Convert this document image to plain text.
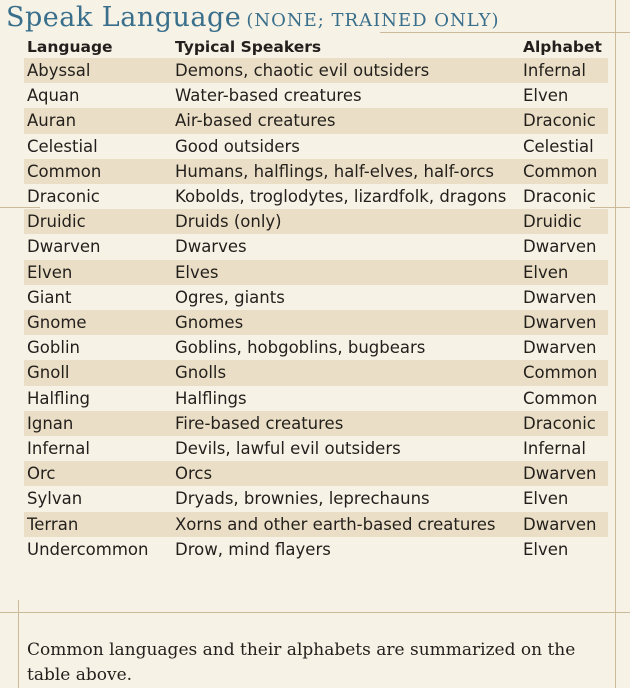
Speak Language (NONE; TRAINED ONLY)
Language	Typical Speakers	Alphabet
Abyssal	Demons, chaotic evil outsiders	Infernal
Aquan	Water-based creatures	Elven
Auran	Air-based creatures	Draconic
Celestial	Good outsiders	Celestial
Common	Humans, halflings, half-elves, half-orcs	Common
Draconic	Kobolds, troglodytes, lizardfolk, dragons	Draconic
Druidic	Druids (only)	Druidic
Dwarven	Dwarves	Dwarven
Elven	Elves	Elven
Giant	Ogres, giants	Dwarven
Gnome	Gnomes	Dwarven
Goblin	Goblins, hobgoblins, bugbears	Dwarven
Gnoll	Gnolls	Common
Halfling	Halflings	Common
Ignan	Fire-based creatures	Draconic
Infernal	Devils, lawful evil outsiders	Infernal
Orc	Orcs	Dwarven
Sylvan	Dryads, brownies, leprechauns	Elven
Terran	Xorns and other earth-based creatures	Dwarven
Undercommon	Drow, mind flayers	Elven
Common languages and their alphabets are summarized on the table above.
